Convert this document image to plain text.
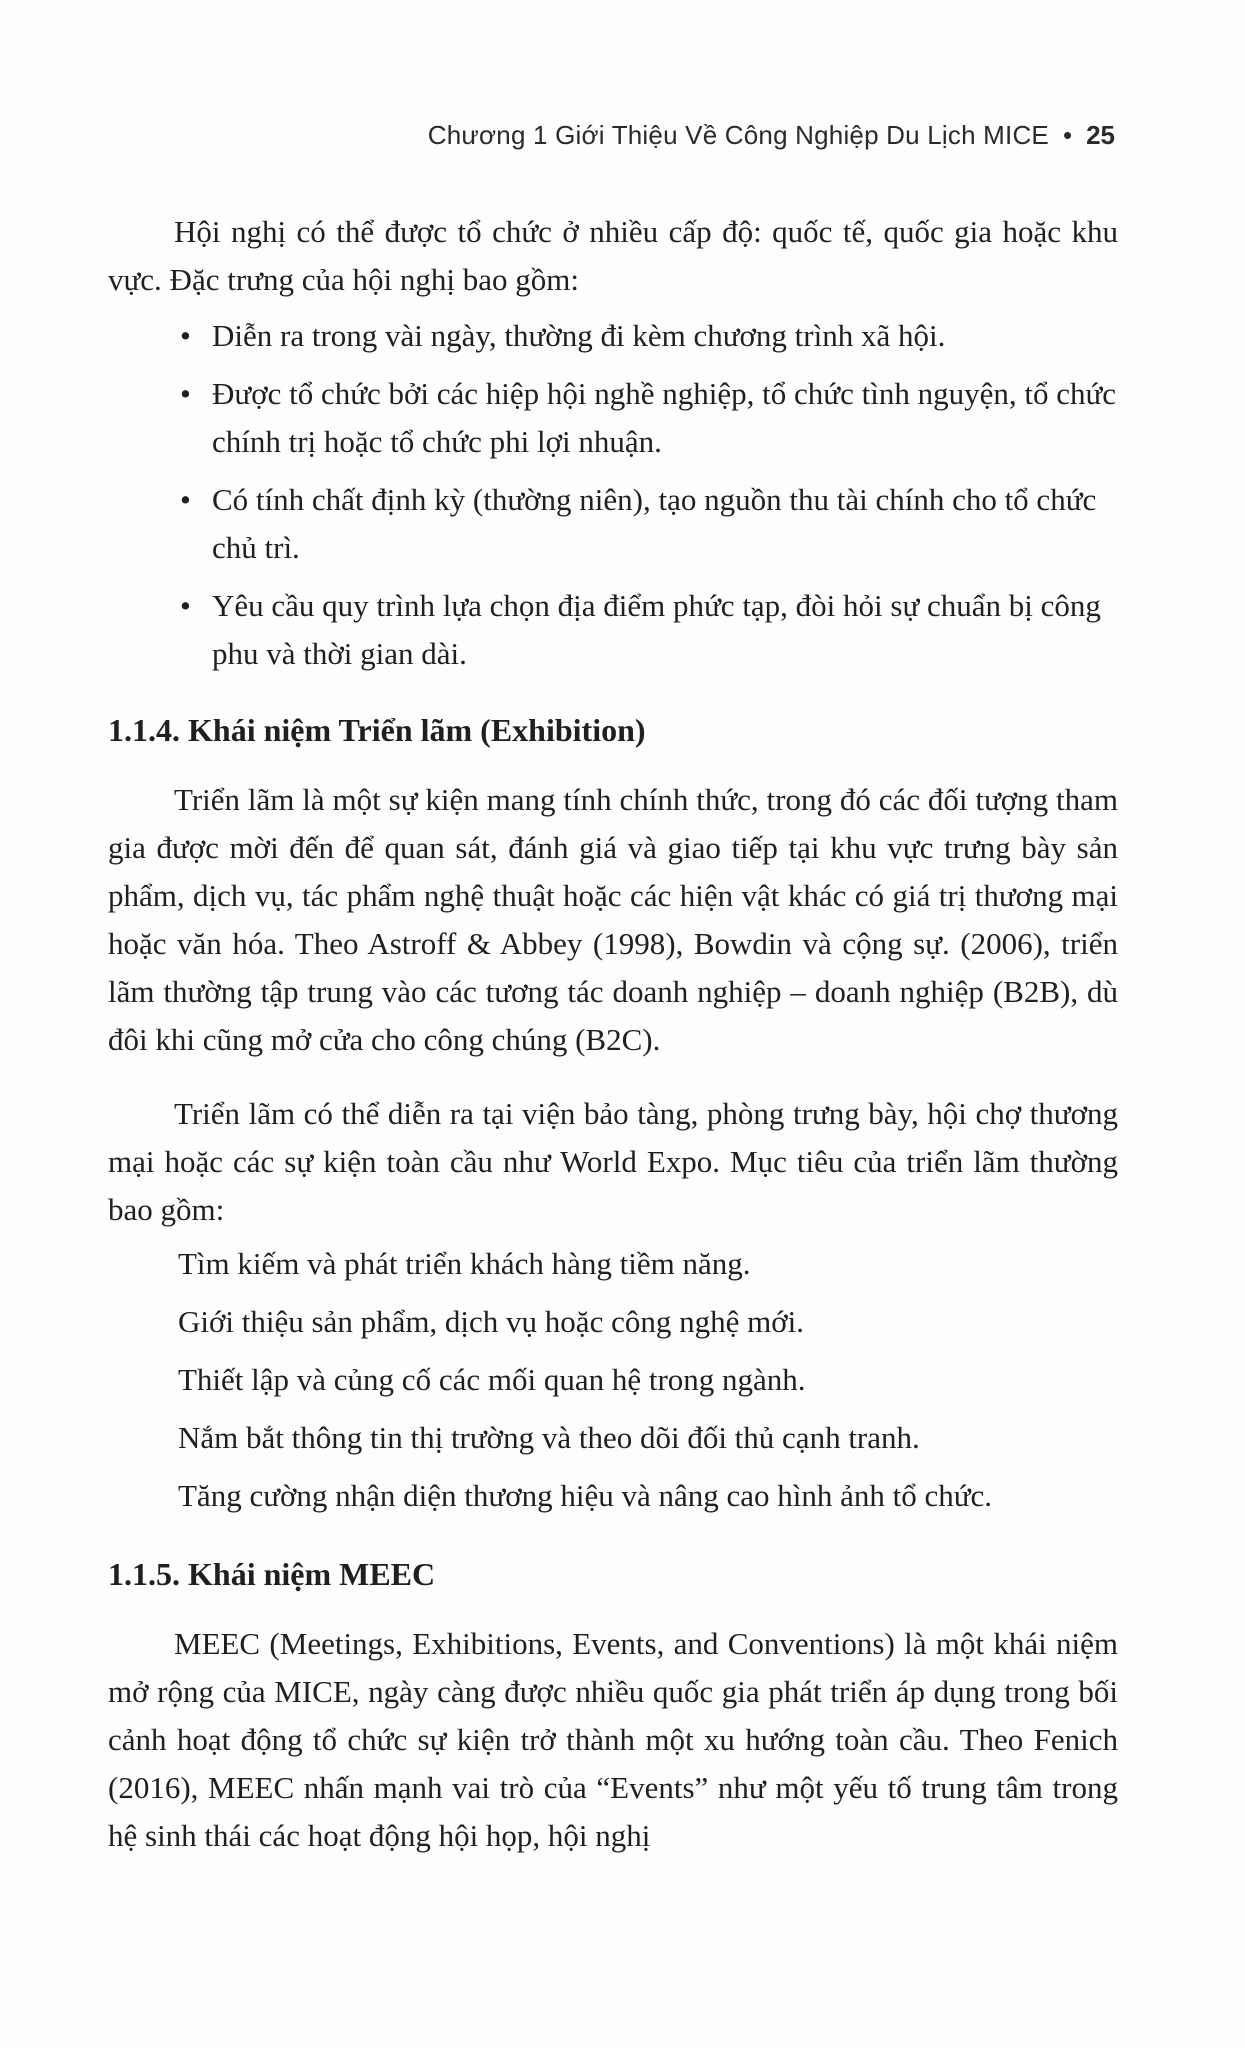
Chương 1 Giới Thiệu Về Công Nghiệp Du Lịch MICE • 25

Hội nghị có thể được tổ chức ở nhiều cấp độ: quốc tế, quốc gia hoặc khu vực. Đặc trưng của hội nghị bao gồm:

• Diễn ra trong vài ngày, thường đi kèm chương trình xã hội.
• Được tổ chức bởi các hiệp hội nghề nghiệp, tổ chức tình nguyện, tổ chức chính trị hoặc tổ chức phi lợi nhuận.
• Có tính chất định kỳ (thường niên), tạo nguồn thu tài chính cho tổ chức chủ trì.
• Yêu cầu quy trình lựa chọn địa điểm phức tạp, đòi hỏi sự chuẩn bị công phu và thời gian dài.
1.1.4. Khái niệm Triển lãm (Exhibition)

Triển lãm là một sự kiện mang tính chính thức, trong đó các đối tượng tham gia được mời đến để quan sát, đánh giá và giao tiếp tại khu vực trưng bày sản phẩm, dịch vụ, tác phẩm nghệ thuật hoặc các hiện vật khác có giá trị thương mại hoặc văn hóa. Theo Astroff & Abbey (1998), Bowdin và cộng sự. (2006), triển lãm thường tập trung vào các tương tác doanh nghiệp – doanh nghiệp (B2B), dù đôi khi cũng mở cửa cho công chúng (B2C).

Triển lãm có thể diễn ra tại viện bảo tàng, phòng trưng bày, hội chợ thương mại hoặc các sự kiện toàn cầu như World Expo. Mục tiêu của triển lãm thường bao gồm:

Tìm kiếm và phát triển khách hàng tiềm năng.
Giới thiệu sản phẩm, dịch vụ hoặc công nghệ mới.
Thiết lập và củng cố các mối quan hệ trong ngành.
Nắm bắt thông tin thị trường và theo dõi đối thủ cạnh tranh.
Tăng cường nhận diện thương hiệu và nâng cao hình ảnh tổ chức.
1.1.5. Khái niệm MEEC

MEEC (Meetings, Exhibitions, Events, and Conventions) là một khái niệm mở rộng của MICE, ngày càng được nhiều quốc gia phát triển áp dụng trong bối cảnh hoạt động tổ chức sự kiện trở thành một xu hướng toàn cầu. Theo Fenich (2016), MEEC nhấn mạnh vai trò của “Events” như một yếu tố trung tâm trong hệ sinh thái các hoạt động hội họp, hội nghị
